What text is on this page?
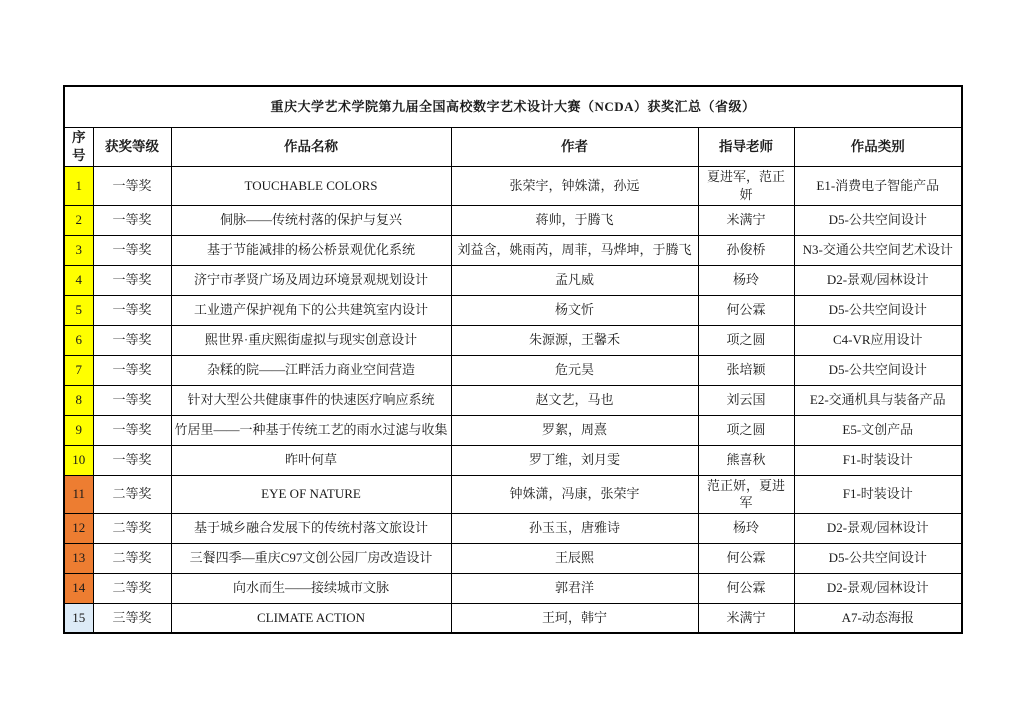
重庆大学艺术学院第九届全国高校数字艺术设计大赛（NCDA）获奖汇总（省级）					
序号	获奖等级	作品名称	作者	指导老师	作品类别
1	一等奖	TOUCHABLE COLORS	张荣宇，钟姝潇，孙远	夏进军，范正妍	E1-消费电子智能产品
2	一等奖	侗脉——传统村落的保护与复兴	蒋帅，于腾飞	米满宁	D5-公共空间设计
3	一等奖	基于节能减排的杨公桥景观优化系统	刘益含，姚雨芮，周菲，马烨坤，于腾飞	孙俊桥	N3-交通公共空间艺术设计
4	一等奖	济宁市孝贤广场及周边环境景观规划设计	孟凡威	杨玲	D2-景观/园林设计
5	一等奖	工业遗产保护视角下的公共建筑室内设计	杨文忻	何公霖	D5-公共空间设计
6	一等奖	熙世界·重庆熙街虚拟与现实创意设计	朱源源，王馨禾	项之圆	C4-VR应用设计
7	一等奖	杂糅的院——江畔活力商业空间营造	危元昊	张培颖	D5-公共空间设计
8	一等奖	针对大型公共健康事件的快速医疗响应系统	赵文艺，马也	刘云国	E2-交通机具与装备产品
9	一等奖	竹居里——一种基于传统工艺的雨水过滤与收集	罗絮，周熹	项之圆	E5-文创产品
10	一等奖	昨叶何草	罗丁维，刘月雯	熊喜秋	F1-时装设计
11	二等奖	EYE OF NATURE	钟姝潇，冯康，张荣宇	范正妍，夏进军	F1-时装设计
12	二等奖	基于城乡融合发展下的传统村落文旅设计	孙玉玉，唐雅诗	杨玲	D2-景观/园林设计
13	二等奖	三餐四季—重庆C97文创公园厂房改造设计	王辰熙	何公霖	D5-公共空间设计
14	二等奖	向水而生——接续城市文脉	郭君洋	何公霖	D2-景观/园林设计
15	三等奖	CLIMATE ACTION	王珂，韩宁	米满宁	A7-动态海报
